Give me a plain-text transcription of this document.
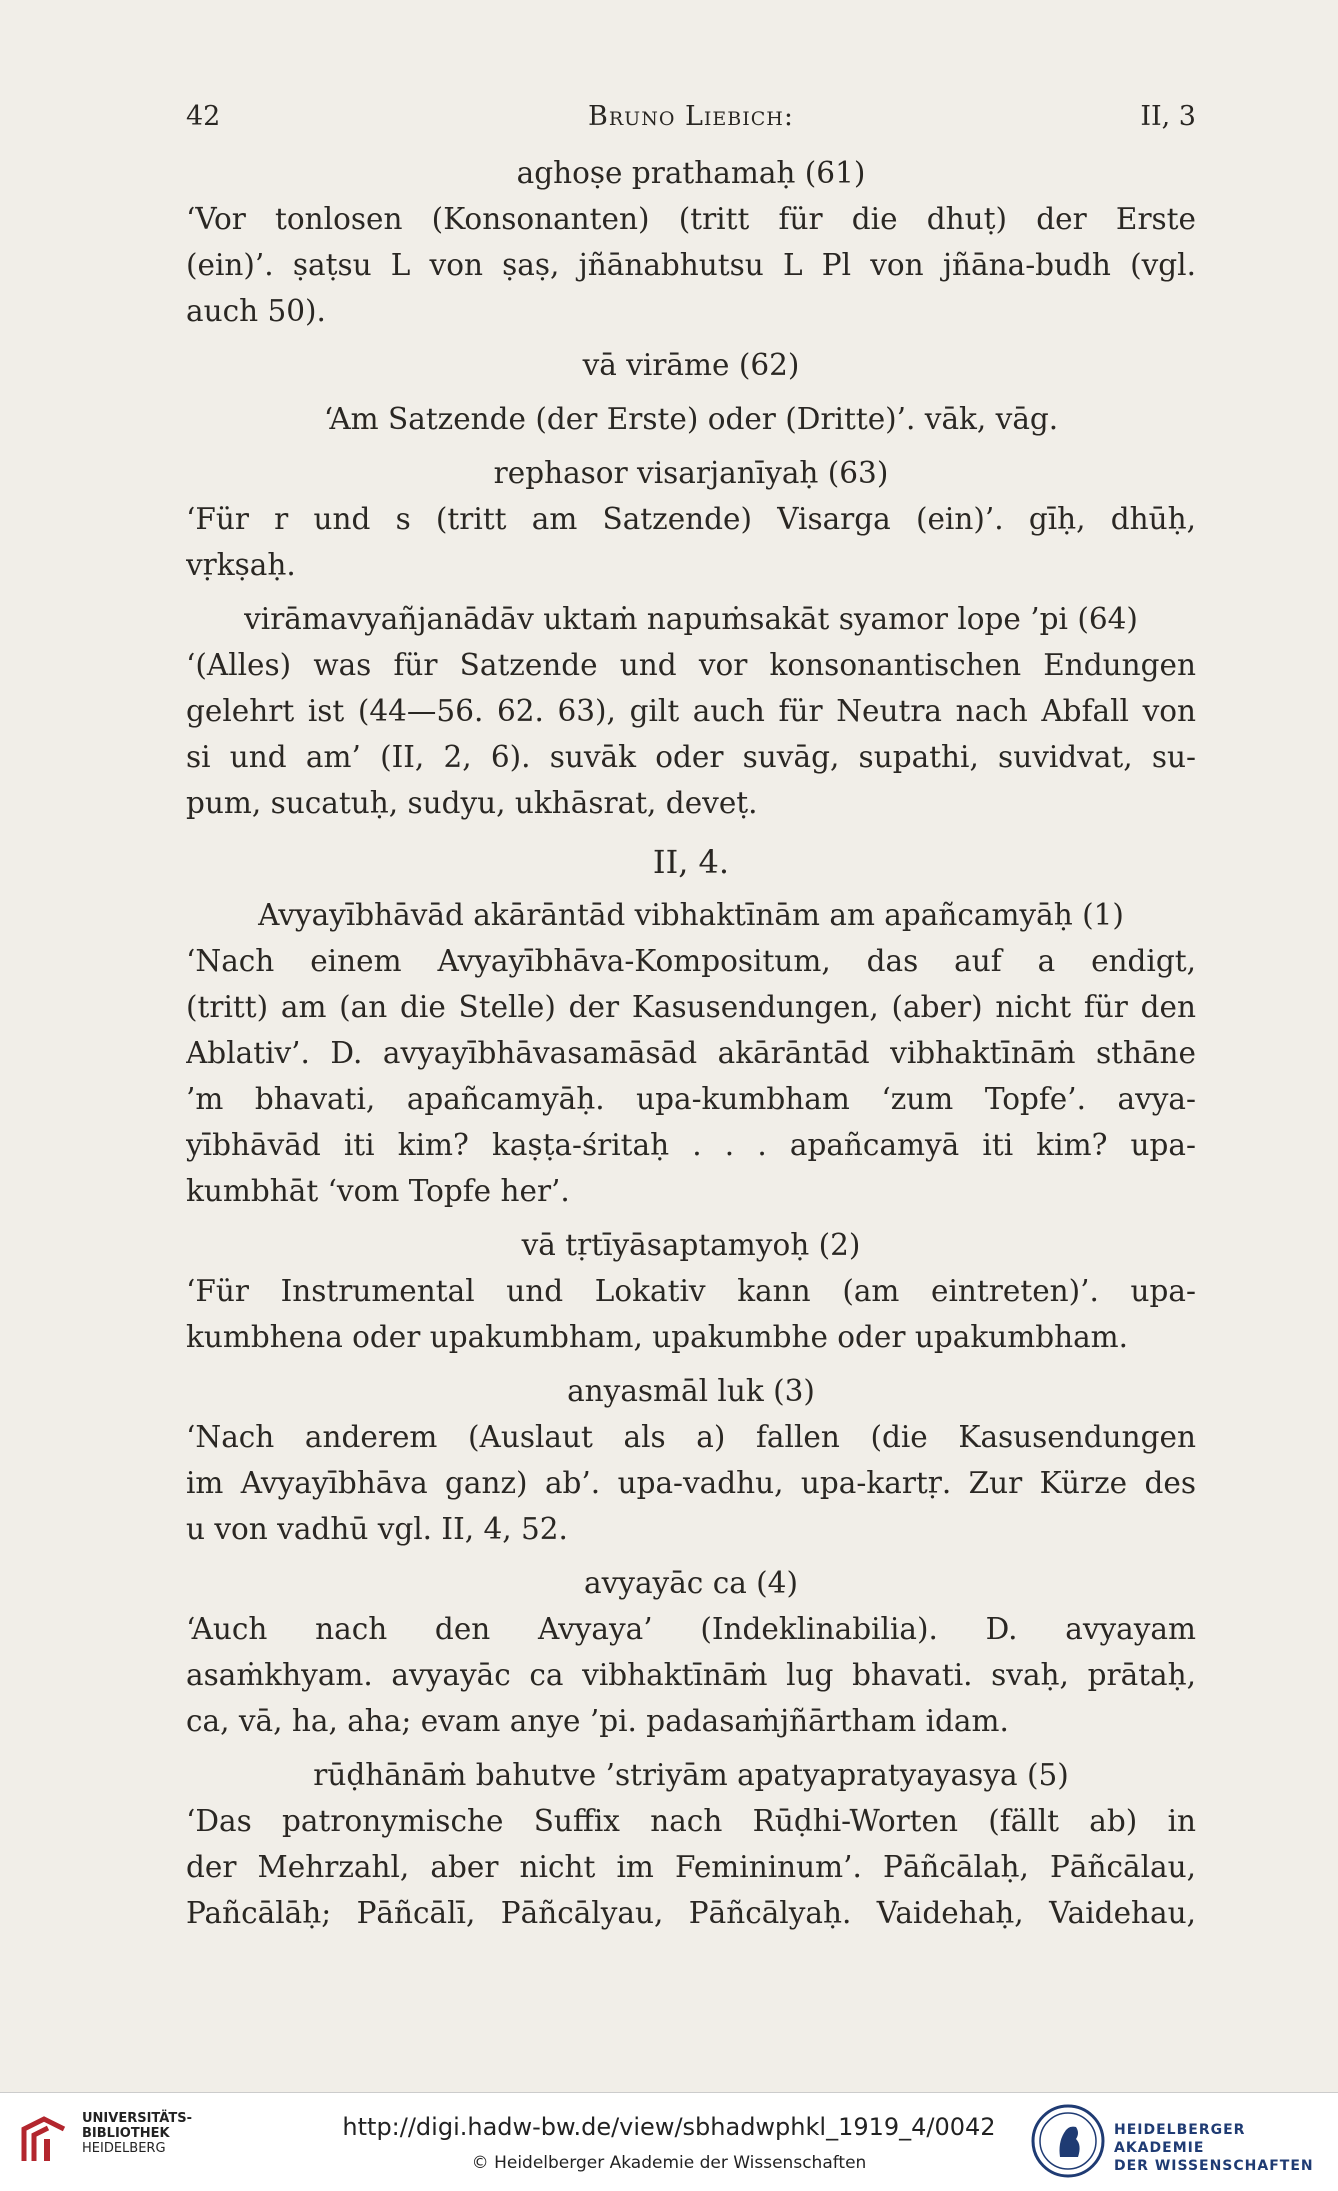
42	Bruno Liebich:	II, 3
aghoṣe prathamaḥ (61)
‘Vor tonlosen (Konsonanten) (tritt für die dhuṭ) der Erste
(ein)’. ṣaṭsu L von ṣaṣ, jñānabhutsu L Pl von jñāna-budh (vgl.
auch 50).
vā virāme (62)
‘Am Satzende (der Erste) oder (Dritte)’. vāk, vāg.
rephasor visarjanīyaḥ (63)
‘Für r und s (tritt am Satzende) Visarga (ein)’. gīḥ, dhūḥ,
vṛkṣaḥ.
virāmavyañjanādāv uktaṁ napuṁsakāt syamor lope ’pi (64)
‘(Alles) was für Satzende und vor konsonantischen Endungen
gelehrt ist (44—56. 62. 63), gilt auch für Neutra nach Abfall von
si und am’ (II, 2, 6). suvāk oder suvāg, supathi, suvidvat, su-
pum, sucatuḥ, sudyu, ukhāsrat, deveṭ.
II, 4.
Avyayībhāvād akārāntād vibhaktīnām am apañcamyāḥ (1)
‘Nach einem Avyayībhāva-Kompositum, das auf a endigt,
(tritt) am (an die Stelle) der Kasusendungen, (aber) nicht für den
Ablativ’. D. avyayībhāvasamāsād akārāntād vibhaktīnāṁ sthāne
’m bhavati, apañcamyāḥ. upa-kumbham ‘zum Topfe’. avya-
yībhāvād iti kim? kaṣṭa-śritaḥ . . . apañcamyā iti kim? upa-
kumbhāt ‘vom Topfe her’.
vā tṛtīyāsaptamyoḥ (2)
‘Für Instrumental und Lokativ kann (am eintreten)’. upa-
kumbhena oder upakumbham, upakumbhe oder upakumbham.
anyasmāl luk (3)
‘Nach anderem (Auslaut als a) fallen (die Kasusendungen
im Avyayībhāva ganz) ab’. upa-vadhu, upa-kartṛ. Zur Kürze des
u von vadhū vgl. II, 4, 52.
avyayāc ca (4)
‘Auch nach den Avyaya’ (Indeklinabilia). D. avyayam
asaṁkhyam. avyayāc ca vibhaktīnāṁ lug bhavati. svaḥ, prātaḥ,
ca, vā, ha, aha; evam anye ’pi. padasaṁjñārtham idam.
rūḍhānāṁ bahutve ’striyām apatyapratyayasya (5)
‘Das patronymische Suffix nach Rūḍhi-Worten (fällt ab) in
der Mehrzahl, aber nicht im Femininum’. Pāñcālaḥ, Pāñcālau,
Pañcālāḥ; Pāñcālī, Pāñcālyau, Pāñcālyaḥ. Vaidehaḥ, Vaidehau,
UNIVERSITÄTS-
BIBLIOTHEK
HEIDELBERG
http://digi.hadw-bw.de/view/sbhadwphkl_1919_4/0042
© Heidelberger Akademie der Wissenschaften
HEIDELBERGER AKADEMIE
DER WISSENSCHAFTEN
